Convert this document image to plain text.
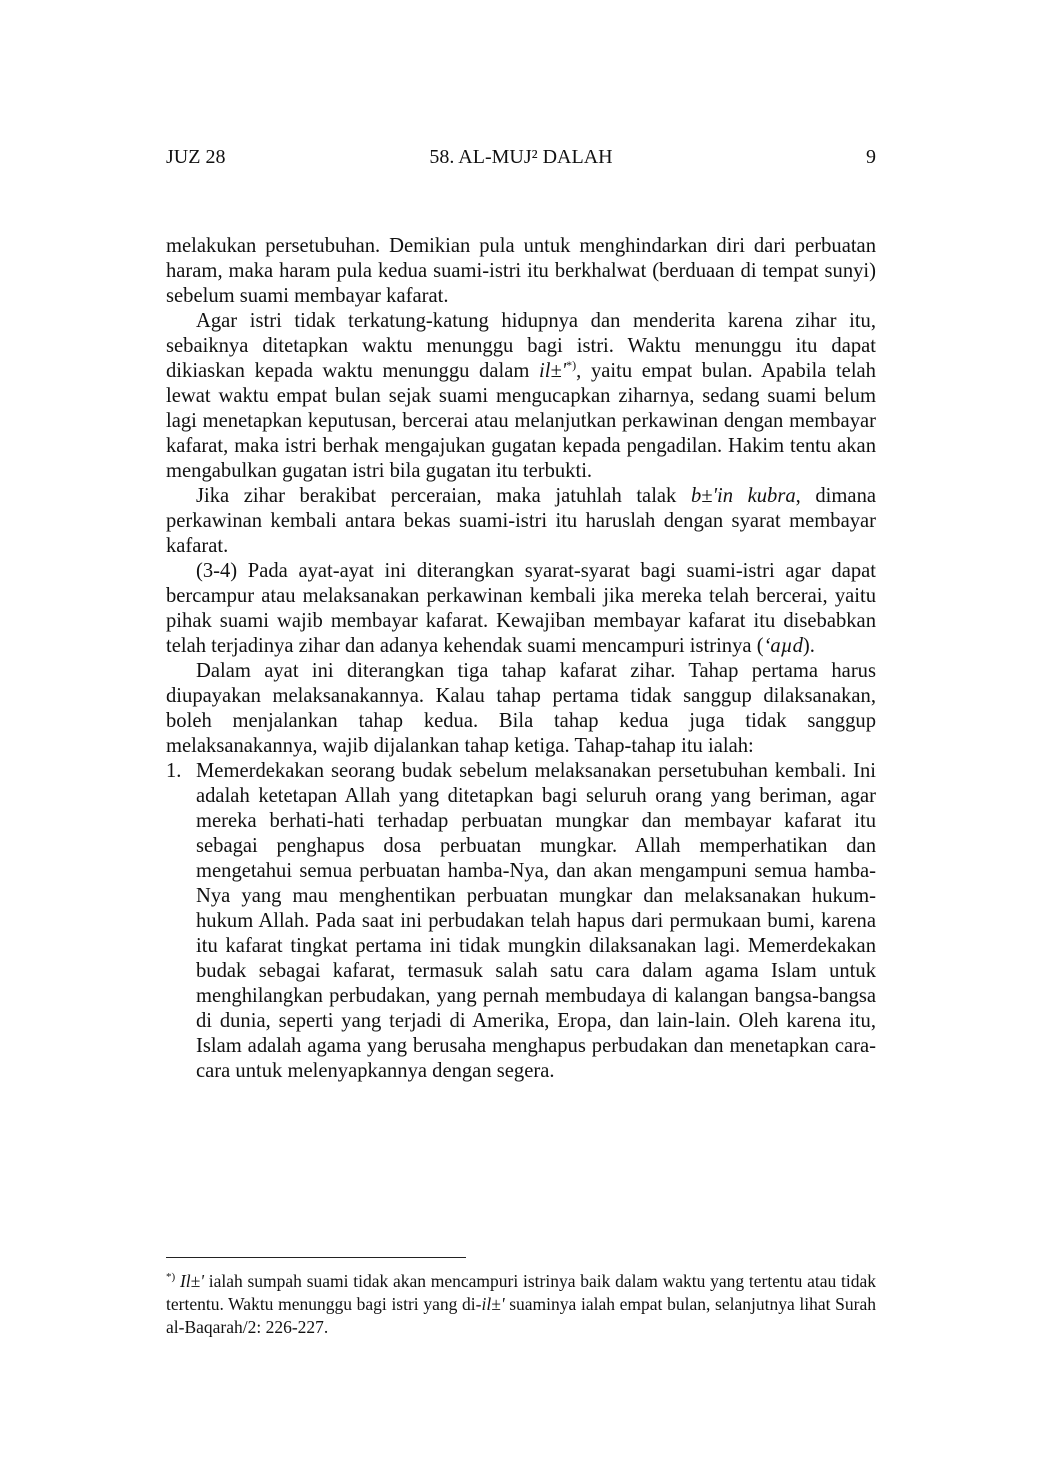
JUZ 28	58. AL-MUJ² DALAH	9

melakukan persetubuhan. Demikian pula untuk menghindarkan diri dari perbuatan haram, maka haram pula kedua suami-istri itu berkhalwat (berduaan di tempat sunyi) sebelum suami membayar kafarat.

Agar istri tidak terkatung-katung hidupnya dan menderita karena zihar itu, sebaiknya ditetapkan waktu menunggu bagi istri. Waktu menunggu itu dapat dikiaskan kepada waktu menunggu dalam il±'*), yaitu empat bulan. Apabila telah lewat waktu empat bulan sejak suami mengucapkan ziharnya, sedang suami belum lagi menetapkan keputusan, bercerai atau melanjutkan perkawinan dengan membayar kafarat, maka istri berhak mengajukan gugatan kepada pengadilan. Hakim tentu akan mengabulkan gugatan istri bila gugatan itu terbukti.

Jika zihar berakibat perceraian, maka jatuhlah talak b±'in kubra, dimana perkawinan kembali antara bekas suami-istri itu haruslah dengan syarat membayar kafarat.

(3-4) Pada ayat-ayat ini diterangkan syarat-syarat bagi suami-istri agar dapat bercampur atau melaksanakan perkawinan kembali jika mereka telah bercerai, yaitu pihak suami wajib membayar kafarat. Kewajiban membayar kafarat itu disebabkan telah terjadinya zihar dan adanya kehendak suami mencampuri istrinya (‘aµd).

Dalam ayat ini diterangkan tiga tahap kafarat zihar. Tahap pertama harus diupayakan melaksanakannya. Kalau tahap pertama tidak sanggup dilaksanakan, boleh menjalankan tahap kedua. Bila tahap kedua juga tidak sanggup melaksanakannya, wajib dijalankan tahap ketiga. Tahap-tahap itu ialah:

1. Memerdekakan seorang budak sebelum melaksanakan persetubuhan kembali. Ini adalah ketetapan Allah yang ditetapkan bagi seluruh orang yang beriman, agar mereka berhati-hati terhadap perbuatan mungkar dan membayar kafarat itu sebagai penghapus dosa perbuatan mungkar. Allah memperhatikan dan mengetahui semua perbuatan hamba-Nya, dan akan mengampuni semua hamba-Nya yang mau menghentikan perbuatan mungkar dan melaksanakan hukum-hukum Allah. Pada saat ini perbudakan telah hapus dari permukaan bumi, karena itu kafarat tingkat pertama ini tidak mungkin dilaksanakan lagi. Memerdekakan budak sebagai kafarat, termasuk salah satu cara dalam agama Islam untuk menghilangkan perbudakan, yang pernah membudaya di kalangan bangsa-bangsa di dunia, seperti yang terjadi di Amerika, Eropa, dan lain-lain. Oleh karena itu, Islam adalah agama yang berusaha menghapus perbudakan dan menetapkan cara-cara untuk melenyapkannya dengan segera.
*) Il±' ialah sumpah suami tidak akan mencampuri istrinya baik dalam waktu yang tertentu atau tidak tertentu. Waktu menunggu bagi istri yang di-il±' suaminya ialah empat bulan, selanjutnya lihat Surah al-Baqarah/2: 226-227.
